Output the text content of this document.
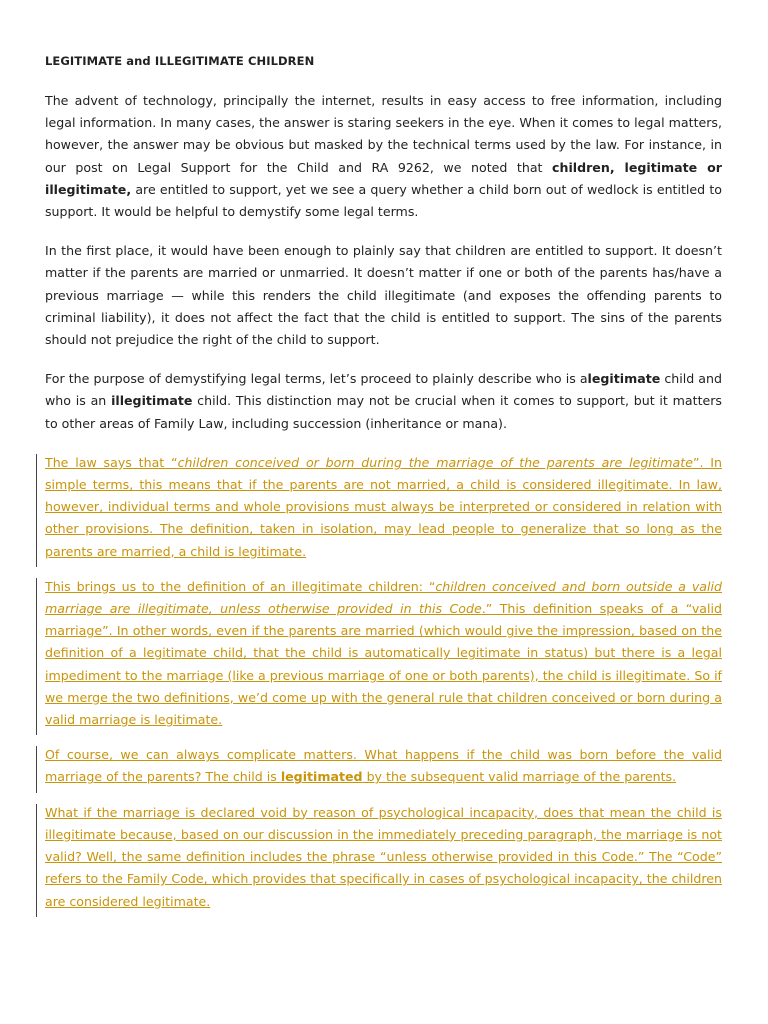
LEGITIMATE and ILLEGITIMATE CHILDREN

The advent of technology, principally the internet, results in easy access to free information, including legal information. In many cases, the answer is staring seekers in the eye. When it comes to legal matters, however, the answer may be obvious but masked by the technical terms used by the law. For instance, in our post on Legal Support for the Child and RA 9262, we noted that children, legitimate or illegitimate, are entitled to support, yet we see a query whether a child born out of wedlock is entitled to support. It would be helpful to demystify some legal terms.

In the first place, it would have been enough to plainly say that children are entitled to support. It doesn’t matter if the parents are married or unmarried. It doesn’t matter if one or both of the parents has/have a previous marriage — while this renders the child illegitimate (and exposes the offending parents to criminal liability), it does not affect the fact that the child is entitled to support. The sins of the parents should not prejudice the right of the child to support.

For the purpose of demystifying legal terms, let’s proceed to plainly describe who is alegitimate child and who is an illegitimate child. This distinction may not be crucial when it comes to support, but it matters to other areas of Family Law, including succession (inheritance or mana).

The law says that “children conceived or born during the marriage of the parents are legitimate”. In simple terms, this means that if the parents are not married, a child is considered illegitimate. In law, however, individual terms and whole provisions must always be interpreted or considered in relation with other provisions. The definition, taken in isolation, may lead people to generalize that so long as the parents are married, a child is legitimate.

This brings us to the definition of an illegitimate children: “children conceived and born outside a valid marriage are illegitimate, unless otherwise provided in this Code.” This definition speaks of a “valid marriage”. In other words, even if the parents are married (which would give the impression, based on the definition of a legitimate child, that the child is automatically legitimate in status) but there is a legal impediment to the marriage (like a previous marriage of one or both parents), the child is illegitimate. So if we merge the two definitions, we’d come up with the general rule that children conceived or born during a valid marriage is legitimate.

Of course, we can always complicate matters. What happens if the child was born before the valid marriage of the parents? The child is legitimated by the subsequent valid marriage of the parents.

What if the marriage is declared void by reason of psychological incapacity, does that mean the child is illegitimate because, based on our discussion in the immediately preceding paragraph, the marriage is not valid? Well, the same definition includes the phrase “unless otherwise provided in this Code.” The “Code” refers to the Family Code, which provides that specifically in cases of psychological incapacity, the children are considered legitimate.
